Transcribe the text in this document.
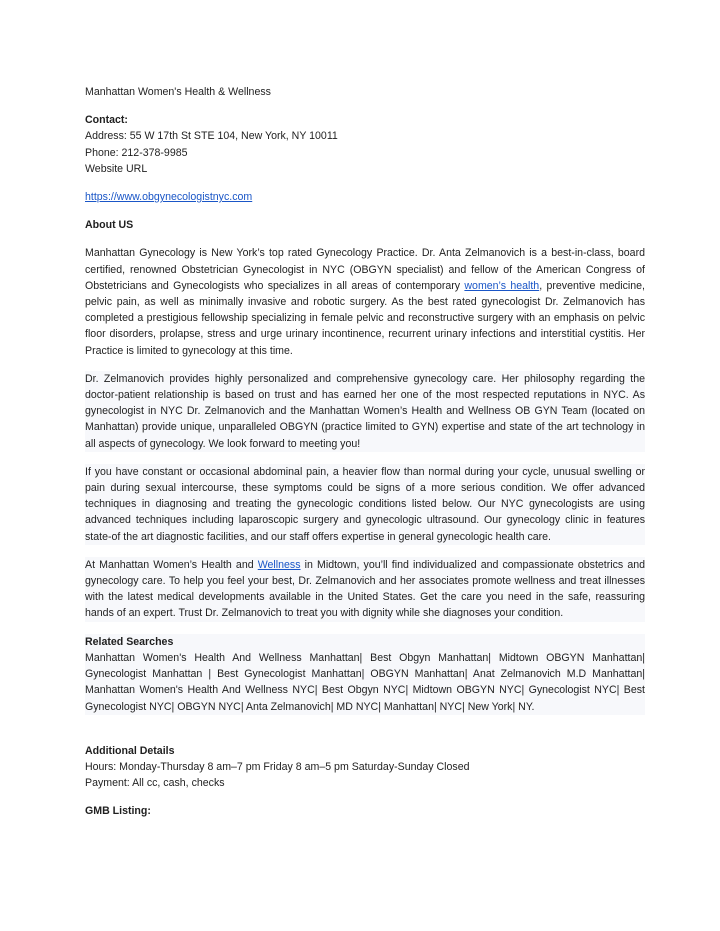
Manhattan Women's Health & Wellness
Contact:
Address: 55 W 17th St STE 104, New York, NY 10011
Phone: 212-378-9985
Website URL
https://www.obgynecologistnyc.com
About US
Manhattan Gynecology is New York’s top rated Gynecology Practice. Dr. Anta Zelmanovich is a best-in-class, board certified, renowned Obstetrician Gynecologist in NYC (OBGYN specialist) and fellow of the American Congress of Obstetricians and Gynecologists who specializes in all areas of contemporary women’s health, preventive medicine, pelvic pain, as well as minimally invasive and robotic surgery. As the best rated gynecologist Dr. Zelmanovich has completed a prestigious fellowship specializing in female pelvic and reconstructive surgery with an emphasis on pelvic floor disorders, prolapse, stress and urge urinary incontinence, recurrent urinary infections and interstitial cystitis. Her Practice is limited to gynecology at this time.
Dr. Zelmanovich provides highly personalized and comprehensive gynecology care. Her philosophy regarding the doctor-patient relationship is based on trust and has earned her one of the most respected reputations in NYC. As gynecologist in NYC Dr. Zelmanovich and the Manhattan Women’s Health and Wellness OB GYN Team (located on Manhattan) provide unique, unparalleled OBGYN (practice limited to GYN) expertise and state of the art technology in all aspects of gynecology. We look forward to meeting you!
If you have constant or occasional abdominal pain, a heavier flow than normal during your cycle, unusual swelling or pain during sexual intercourse, these symptoms could be signs of a more serious condition. We offer advanced techniques in diagnosing and treating the gynecologic conditions listed below. Our NYC gynecologists are using advanced techniques including laparoscopic surgery and gynecologic ultrasound. Our gynecology clinic in features state-of the art diagnostic facilities, and our staff offers expertise in general gynecologic health care.
At Manhattan Women’s Health and Wellness in Midtown, you’ll find individualized and compassionate obstetrics and gynecology care. To help you feel your best, Dr. Zelmanovich and her associates promote wellness and treat illnesses with the latest medical developments available in the United States. Get the care you need in the safe, reassuring hands of an expert. Trust Dr. Zelmanovich to treat you with dignity while she diagnoses your condition.
Related Searches
Manhattan Women's Health And Wellness Manhattan| Best Obgyn Manhattan| Midtown OBGYN Manhattan| Gynecologist Manhattan | Best Gynecologist Manhattan| OBGYN Manhattan| Anat Zelmanovich M.D Manhattan| Manhattan Women's Health And Wellness NYC| Best Obgyn NYC| Midtown OBGYN NYC| Gynecologist NYC| Best Gynecologist NYC| OBGYN NYC| Anta Zelmanovich| MD NYC| Manhattan| NYC| New York| NY.
Additional Details
Hours: Monday-Thursday 8 am–7 pm Friday 8 am–5 pm Saturday-Sunday Closed
Payment: All cc, cash, checks
GMB Listing:
